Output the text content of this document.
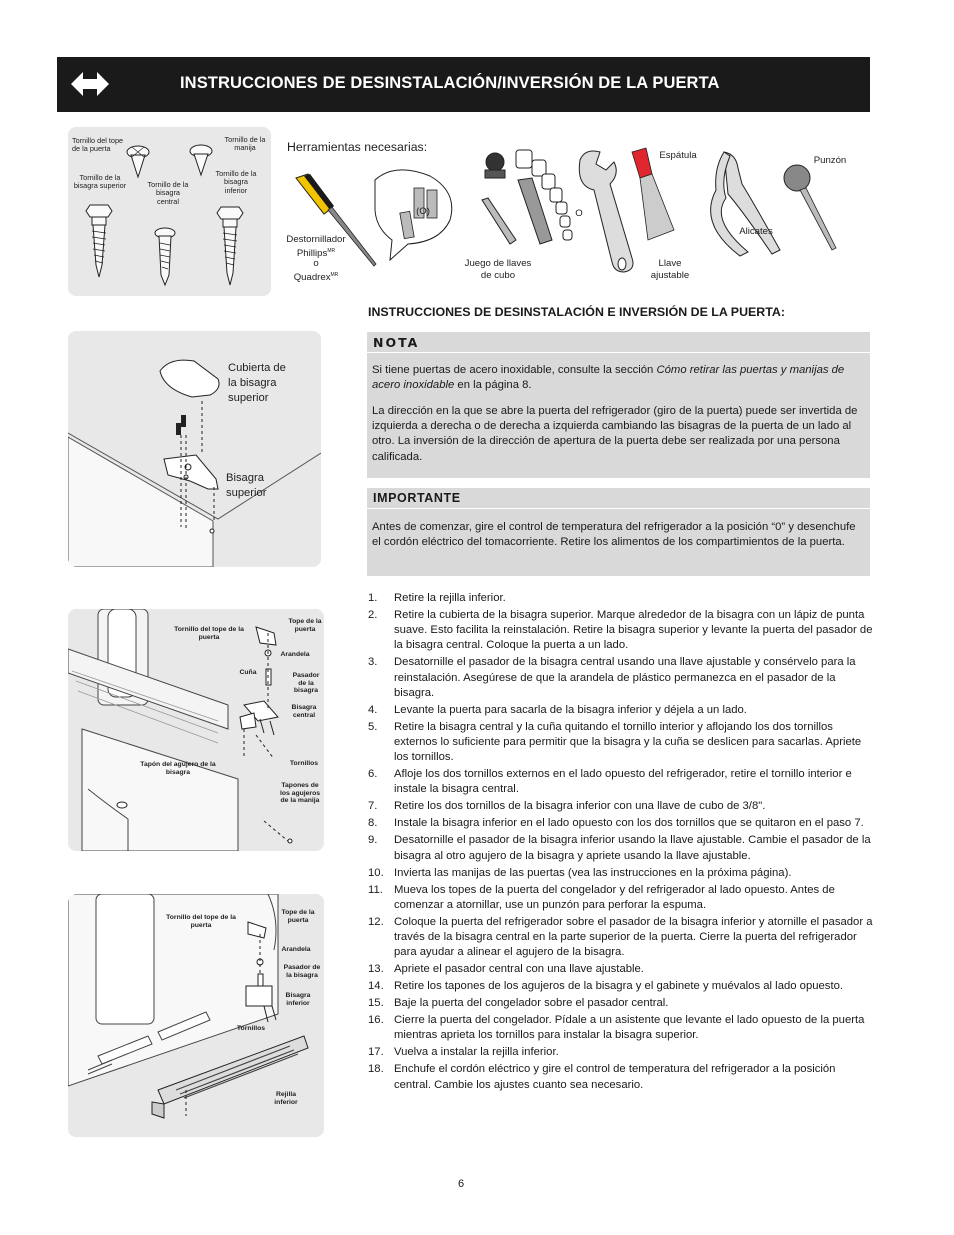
INSTRUCCIONES DE DESINSTALACIÓN/INVERSIÓN DE LA PUERTA
Tornillo del tope de la puerta
Tornillo de la manija
Tornillo de la bisagra superior	Tornillo de la bisagra central
Tornillo de la bisagra inferior
Herramientas necesarias:
Destornillador
Phillips$^{MR}$
o
Quadrex$^{MR}$
(O)
Juego de llaves
de cubo
O
Espátula
Llave
ajustable
Alicates
Punzón
Cubierta de
la bisagra
superior
Bisagra
superior
Tornillo del tope de la puerta
Tope de la puerta
Arandela
Cuña	Pasador de la bisagra
Bisagra central
Tornillos
Tapón del agujero de la bisagra
Tapones de los agujeros de la manija
Tornillo del tope de la puerta
Tope de la puerta
Arandela
Pasador de la bisagra
Bisagra inferior
Tornillos
Rejilla inferior
INSTRUCCIONES DE DESINSTALACIÓN E INVERSIÓN DE LA PUERTA:
NOTA
Si tiene puertas de acero inoxidable, consulte la sección Cómo retirar las puertas y manijas de acero inoxidable en la página 8.
La dirección en la que se abre la puerta del refrigerador (giro de la puerta) puede ser invertida de izquierda a derecha o de derecha a izquierda cambiando las bisagras de la puerta de un lado al otro. La inversión de la dirección de apertura de la puerta debe ser realizada por una persona calificada.
IMPORTANTE
Antes de comenzar, gire el control de temperatura del refrigerador a la posición “0” y desenchufe el cordón eléctrico del tomacorriente. Retire los alimentos de los compartimientos de la puerta.
1. Retire la rejilla inferior.
2. Retire la cubierta de la bisagra superior. Marque alrededor de la bisagra con un lápiz de punta suave. Esto facilita la reinstalación. Retire la bisagra superior y levante la puerta del pasador de la bisagra central. Coloque la puerta a un lado.
3. Desatornille el pasador de la bisagra central usando una llave ajustable y consérvelo para la reinstalación. Asegúrese de que la arandela de plástico permanezca en el pasador de la bisagra.
4. Levante la puerta para sacarla de la bisagra inferior y déjela a un lado.
5. Retire la bisagra central y la cuña quitando el tornillo interior y aflojando los dos tornillos externos lo suficiente para permitir que la bisagra y la cuña se deslicen para sacarlas. Apriete los tornillos.
6. Afloje los dos tornillos externos en el lado opuesto del refrigerador, retire el tornillo interior e instale la bisagra central.
7. Retire los dos tornillos de la bisagra inferior con una llave de cubo de 3/8".
8. Instale la bisagra inferior en el lado opuesto con los dos tornillos que se quitaron en el paso 7.
9. Desatornille el pasador de la bisagra inferior usando la llave ajustable. Cambie el pasador de la bisagra al otro agujero de la bisagra y apriete usando la llave ajustable.
10. Invierta las manijas de las puertas (vea las instrucciones en la próxima página).
11. Mueva los topes de la puerta del congelador y del refrigerador al lado opuesto. Antes de comenzar a atornillar, use un punzón para perforar la espuma.
12. Coloque la puerta del refrigerador sobre el pasador de la bisagra inferior y atornille el pasador a través de la bisagra central en la parte superior de la puerta. Cierre la puerta del refrigerador para ayudar a alinear el agujero de la bisagra.
13. Apriete el pasador central con una llave ajustable.
14. Retire los tapones de los agujeros de la bisagra y el gabinete y muévalos al lado opuesto.
15. Baje la puerta del congelador sobre el pasador central.
16. Cierre la puerta del congelador. Pídale a un asistente que levante el lado opuesto de la puerta mientras aprieta los tornillos para instalar la bisagra superior.
17. Vuelva a instalar la rejilla inferior.
18. Enchufe el cordón eléctrico y gire el control de temperatura del refrigerador a la posición central. Cambie los ajustes cuanto sea necesario.
6
